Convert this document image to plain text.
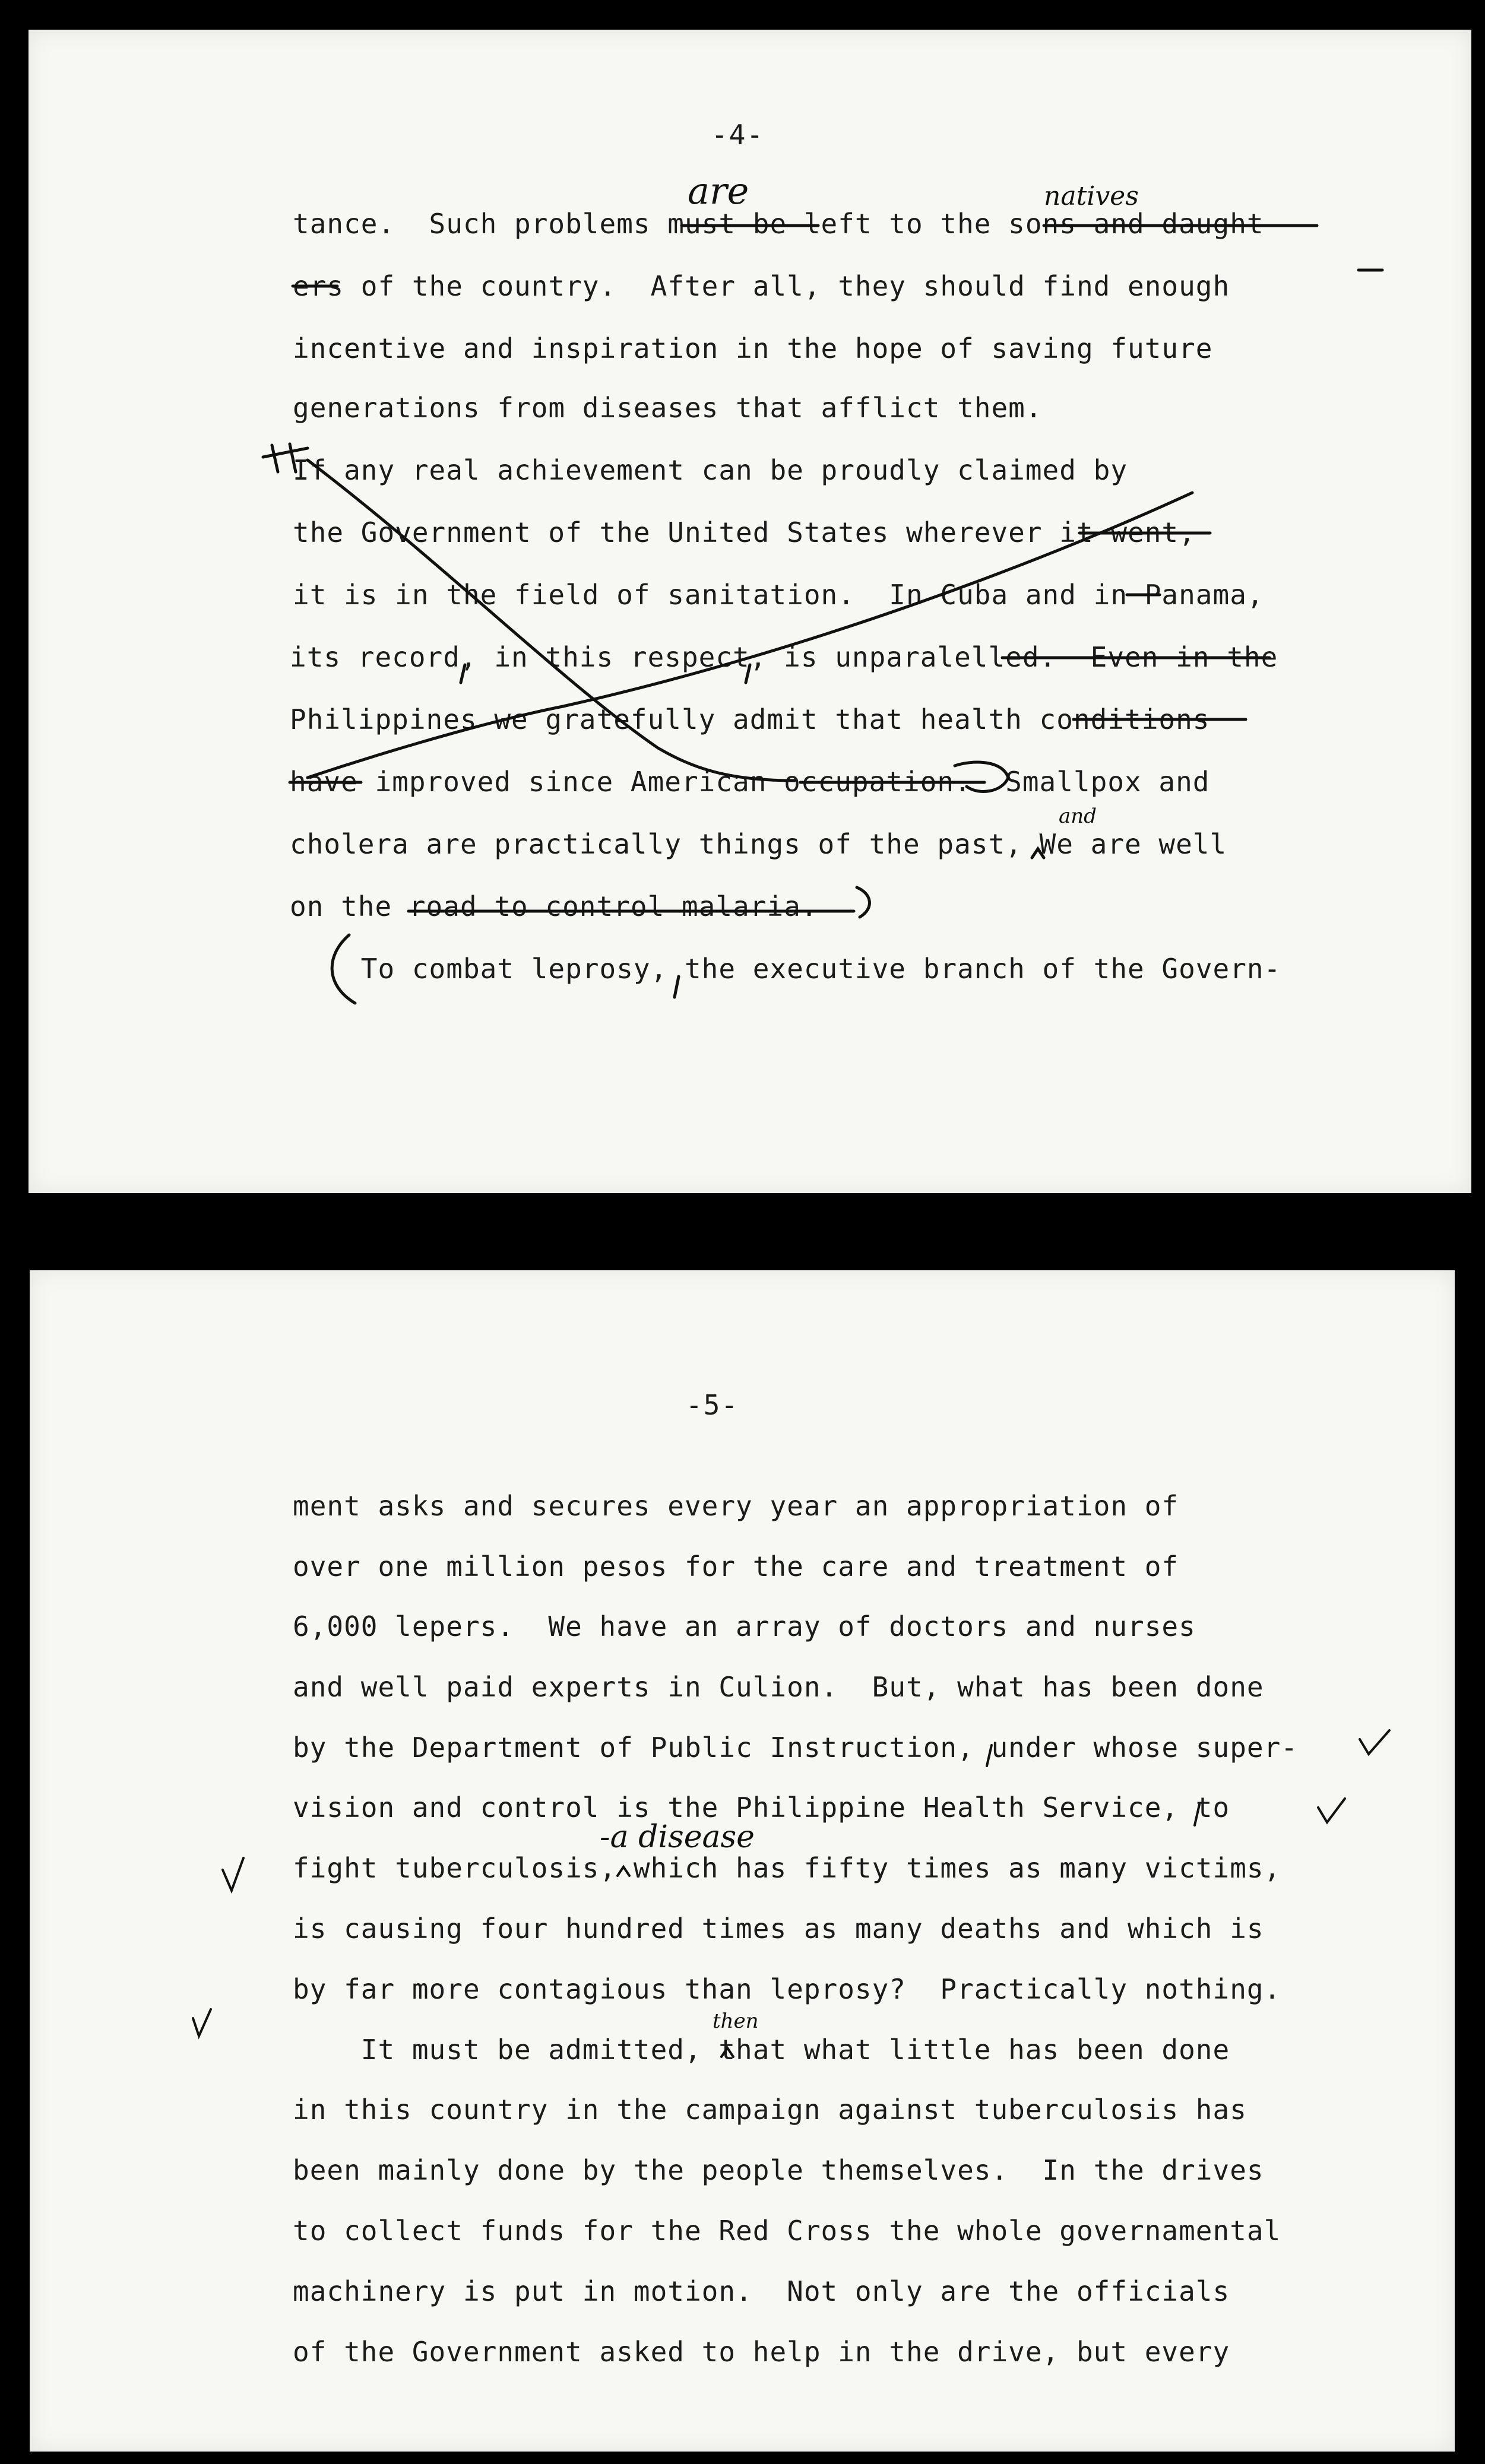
-4-
tance.  Such problems must be left to the sons and daught-
ers of the country.  After all, they should find enough
incentive and inspiration in the hope of saving future
generations from diseases that afflict them.
If any real achievement can be proudly claimed by
the Government of the United States wherever it went,
it is in the field of sanitation.  In Cuba and in Panama,
its record, in this respect, is unparalelled.  Even in the
Philippines we gratefully admit that health conditions
have improved since American occupation.  Smallpox and
cholera are practically things of the past, We are well
on the road to control malaria.
To combat leprosy, the executive branch of the Govern-
are	natives
and
-5-
ment asks and secures every year an appropriation of
over one million pesos for the care and treatment of
6,000 lepers.  We have an array of doctors and nurses
and well paid experts in Culion.  But, what has been done
by the Department of Public Instruction, under whose super-
vision and control is the Philippine Health Service, to
fight tuberculosis, which has fifty times as many victims,
is causing four hundred times as many deaths and which is
by far more contagious than leprosy?  Practically nothing.
It must be admitted, that what little has been done
in this country in the campaign against tuberculosis has
been mainly done by the people themselves.  In the drives
to collect funds for the Red Cross the whole governamental
machinery is put in motion.  Not only are the officials
of the Government asked to help in the drive, but every
-a disease
then
